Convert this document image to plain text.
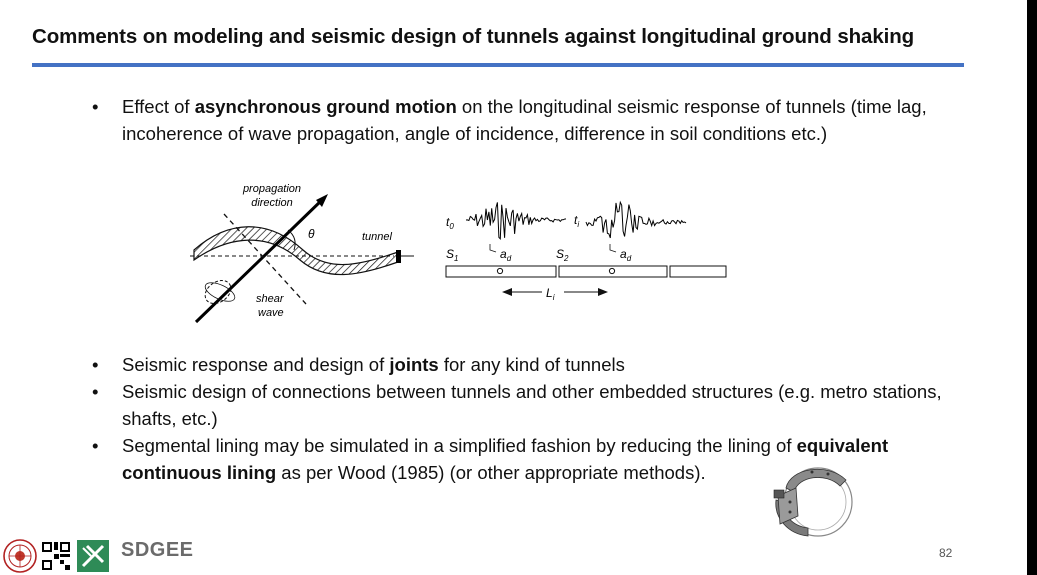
Comments on modeling and seismic design of tunnels against longitudinal ground shaking
• Effect of asynchronous ground motion on the longitudinal seismic response of tunnels (time lag, incoherence of wave propagation, angle of incidence, difference in soil conditions etc.)
propagation
direction
θ	tunnel
shear
wave
$t_0$	$t_i$
$S_1$	$S_2$
$a_d$	$a_d$
$L_i$
• Seismic response and design of joints for any kind of tunnels
• Seismic design of connections between tunnels and other embedded structures (e.g. metro stations, shafts, etc.)
• Segmental lining may be simulated in a simplified fashion by reducing the lining of equivalent continuous lining as per Wood (1985) (or other appropriate methods).
SDGEE	82
